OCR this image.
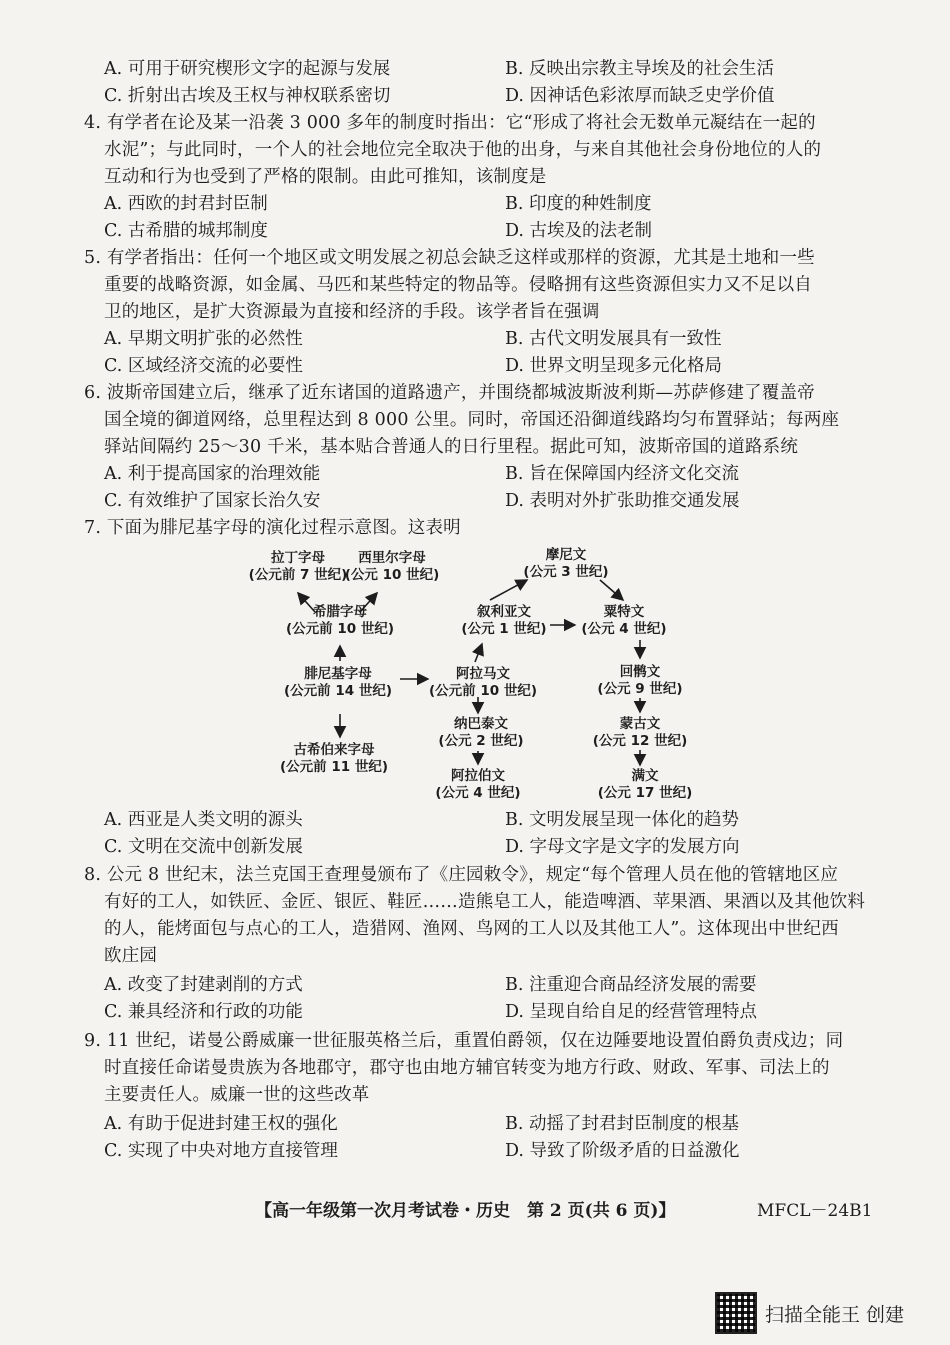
A. 可用于研究楔形文字的起源与发展	B. 反映出宗教主导埃及的社会生活
C. 折射出古埃及王权与神权联系密切	D. 因神话色彩浓厚而缺乏史学价值
4. 有学者在论及某一沿袭 3 000 多年的制度时指出：它“形成了将社会无数单元凝结在一起的
水泥”；与此同时，一个人的社会地位完全取决于他的出身，与来自其他社会身份地位的人的
互动和行为也受到了严格的限制。由此可推知，该制度是
A. 西欧的封君封臣制	B. 印度的种姓制度
C. 古希腊的城邦制度	D. 古埃及的法老制
5. 有学者指出：任何一个地区或文明发展之初总会缺乏这样或那样的资源，尤其是土地和一些
重要的战略资源，如金属、马匹和某些特定的物品等。侵略拥有这些资源但实力又不足以自
卫的地区，是扩大资源最为直接和经济的手段。该学者旨在强调
A. 早期文明扩张的必然性	B. 古代文明发展具有一致性
C. 区域经济交流的必要性	D. 世界文明呈现多元化格局
6. 波斯帝国建立后，继承了近东诸国的道路遗产，并围绕都城波斯波利斯—苏萨修建了覆盖帝
国全境的御道网络，总里程达到 8 000 公里。同时，帝国还沿御道线路均匀布置驿站；每两座
驿站间隔约 25～30 千米，基本贴合普通人的日行里程。据此可知，波斯帝国的道路系统
A. 利于提高国家的治理效能	B. 旨在保障国内经济文化交流
C. 有效维护了国家长治久安	D. 表明对外扩张助推交通发展
7. 下面为腓尼基字母的演化过程示意图。这表明
拉丁字母
(公元前 7 世纪)
西里尔字母
(公元 10 世纪)
希腊字母
(公元前 10 世纪)
腓尼基字母
(公元前 14 世纪)
古希伯来字母
(公元前 11 世纪)
摩尼文
(公元 3 世纪)
叙利亚文
(公元 1 世纪)
粟特文
(公元 4 世纪)
阿拉马文
(公元前 10 世纪)
纳巴泰文
(公元 2 世纪)
阿拉伯文
(公元 4 世纪)
回鹘文
(公元 9 世纪)
蒙古文
(公元 12 世纪)
满文
(公元 17 世纪)
A. 西亚是人类文明的源头	B. 文明发展呈现一体化的趋势
C. 文明在交流中创新发展	D. 字母文字是文字的发展方向
8. 公元 8 世纪末，法兰克国王查理曼颁布了《庄园敕令》，规定“每个管理人员在他的管辖地区应
有好的工人，如铁匠、金匠、银匠、鞋匠……造熊皂工人，能造啤酒、苹果酒、果酒以及其他饮料
的人，能烤面包与点心的工人，造猎网、渔网、鸟网的工人以及其他工人”。这体现出中世纪西
欧庄园
A. 改变了封建剥削的方式	B. 注重迎合商品经济发展的需要
C. 兼具经济和行政的功能	D. 呈现自给自足的经营管理特点
9. 11 世纪，诺曼公爵威廉一世征服英格兰后，重置伯爵领，仅在边陲要地设置伯爵负责戍边；同
时直接任命诺曼贵族为各地郡守，郡守也由地方辅官转变为地方行政、财政、军事、司法上的
主要责任人。威廉一世的这些改革
A. 有助于促进封建王权的强化	B. 动摇了封君封臣制度的根基
C. 实现了中央对地方直接管理	D. 导致了阶级矛盾的日益激化
【高一年级第一次月考试卷・历史　第 2 页(共 6 页)】	MFCL－24B1
扫描全能王 创建
